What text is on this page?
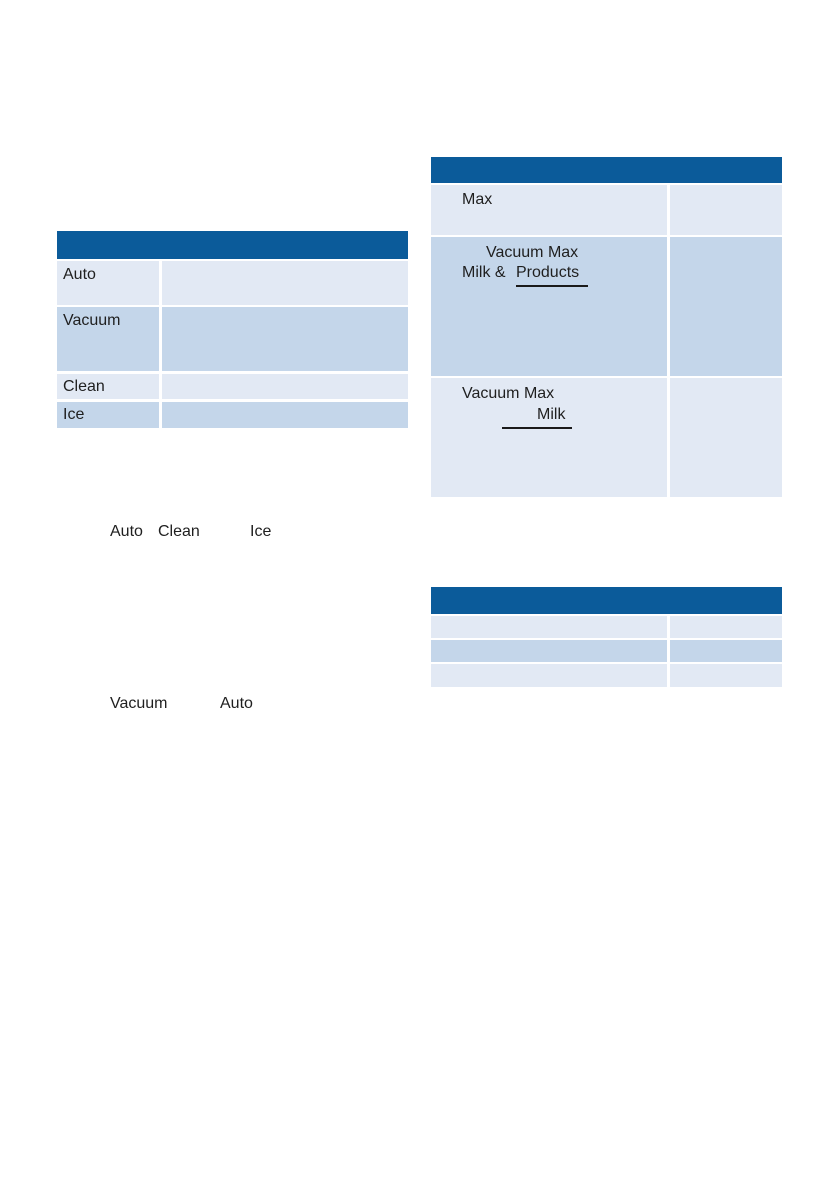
Auto
Vacuum
Clean
Ice
Auto Clean	Ice
Vacuum	Auto
Max
Vacuum Max
Milk & Products
Vacuum Max
Milk
